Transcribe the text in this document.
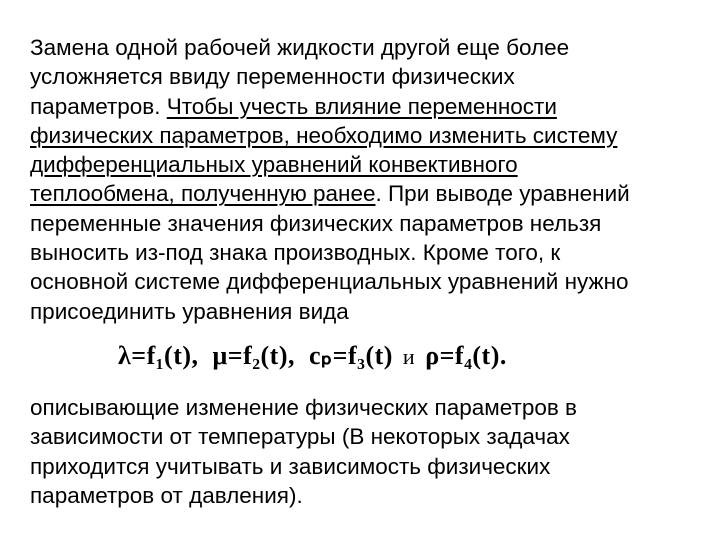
Замена одной рабочей жидкости другой еще более
усложняется ввиду переменности физических
параметров. Чтобы учесть влияние переменности
физических параметров, необходимо изменить систему
дифференциальных уравнений конвективного
теплообмена, полученную ранее. При выводе уравнений
переменные значения физических параметров нельзя
выносить из-под знака производных. Кроме того, к
основной системе дифференциальных уравнений нужно
присоединить уравнения вида

λ=f₁(t), μ=f₂(t), cₚ=f₃(t) и ρ=f₄(t).

описывающие изменение физических параметров в
зависимости от температуры (В некоторых задачах
приходится учитывать и зависимость физических
параметров от давления).
